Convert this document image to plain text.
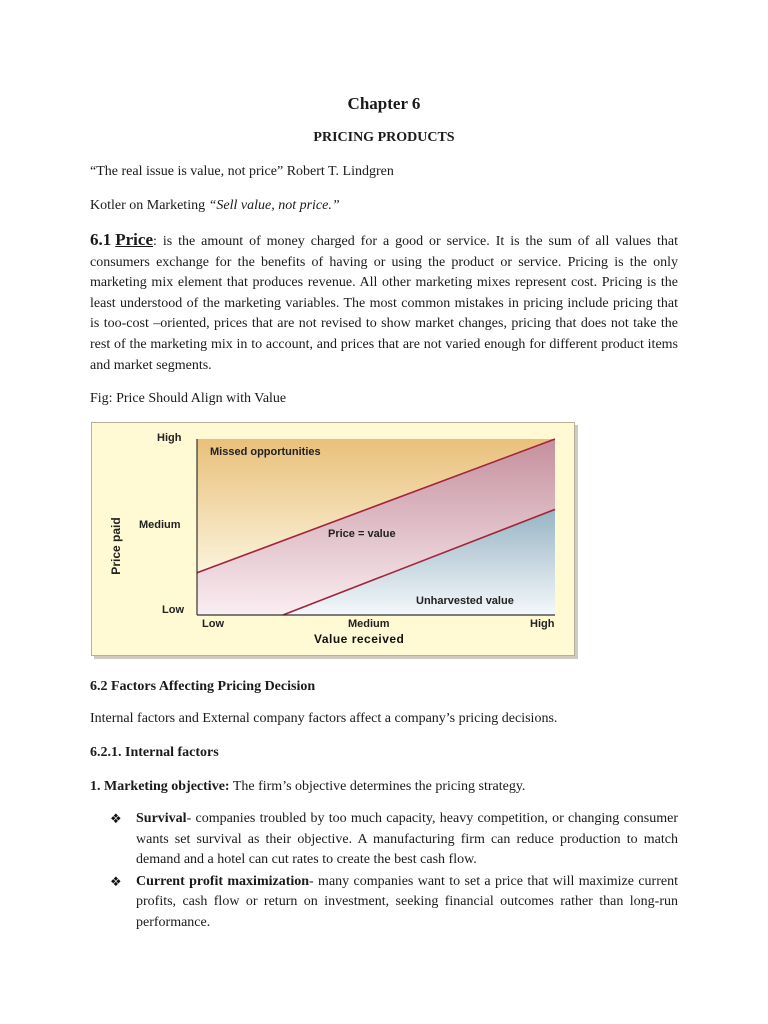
Chapter 6
PRICING PRODUCTS
“The real issue is value, not price” Robert T. Lindgren
Kotler on Marketing “Sell value, not price.”
6.1 Price: is the amount of money charged for a good or service. It is the sum of all values that consumers exchange for the benefits of having or using the product or service. Pricing is the only marketing mix element that produces revenue. All other marketing mixes represent cost. Pricing is the least understood of the marketing variables. The most common mistakes in pricing include pricing that is too-cost –oriented, prices that are not revised to show market changes, pricing that does not take the rest of the marketing mix in to account, and prices that are not varied enough for different product items and market segments.
Fig: Price Should Align with Value
Price paid
High
Medium
Low
Low	Medium	High
Value received
Missed opportunities
Price = value
Unharvested value
6.2 Factors Affecting Pricing Decision
Internal factors and External company factors affect a company’s pricing decisions.
6.2.1. Internal factors
1. Marketing objective: The firm’s objective determines the pricing strategy.
❖ Survival- companies troubled by too much capacity, heavy competition, or changing consumer wants set survival as their objective. A manufacturing firm can reduce production to match demand and a hotel can cut rates to create the best cash flow.
❖ Current profit maximization- many companies want to set a price that will maximize current profits, cash flow or return on investment, seeking financial outcomes rather than long-run performance.
